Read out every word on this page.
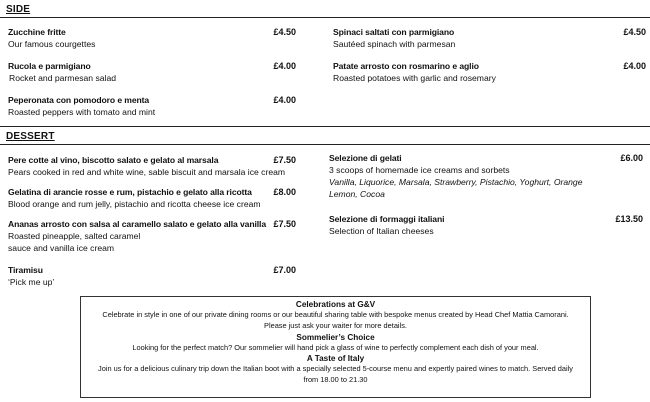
SIDE
Zucchine fritte	£4.50
Our famous courgettes
Spinaci saltati con parmigiano	£4.50
Sautéed spinach with parmesan
Rucola e parmigiano	£4.00
Rocket and parmesan salad
Patate arrosto con rosmarino e aglio	£4.00
Roasted potatoes with garlic and rosemary
Peperonata con pomodoro e menta	£4.00
Roasted peppers with tomato and mint
DESSERT
Pere cotte al vino, biscotto salato e gelato al marsala	£7.50
Pears cooked in red and white wine, sable biscuit and marsala ice cream
Gelatina di arancie rosse e rum, pistachio e gelato alla ricotta £8.00
Blood orange and rum jelly, pistachio and ricotta cheese ice cream
Ananas arrosto con salsa al caramello salato e gelato alla vanilla £7.50
Roasted pineapple, salted caramel
sauce and vanilla ice cream
Tiramisu	£7.00
‘Pick me up’
Selezione di gelati	£6.00
3 scoops of homemade ice creams and sorbets
Vanilla, Liquorice, Marsala, Strawberry, Pistachio, Yoghurt, Orange
Lemon, Cocoa
Selezione di formaggi italiani	£13.50
Selection of Italian cheeses
Celebrations at G&V
Celebrate in style in one of our private dining rooms or our beautiful sharing table with bespoke menus created by Head Chef Mattia Camorani.
Please just ask your waiter for more details.
Sommelier’s Choice
Looking for the perfect match? Our sommelier will hand pick a glass of wine to perfectly complement each dish of your meal.
A Taste of Italy
Join us for a delicious culinary trip down the Italian boot with a specially selected 5-course menu and expertly paired wines to match. Served daily
from 18.00 to 21.30
